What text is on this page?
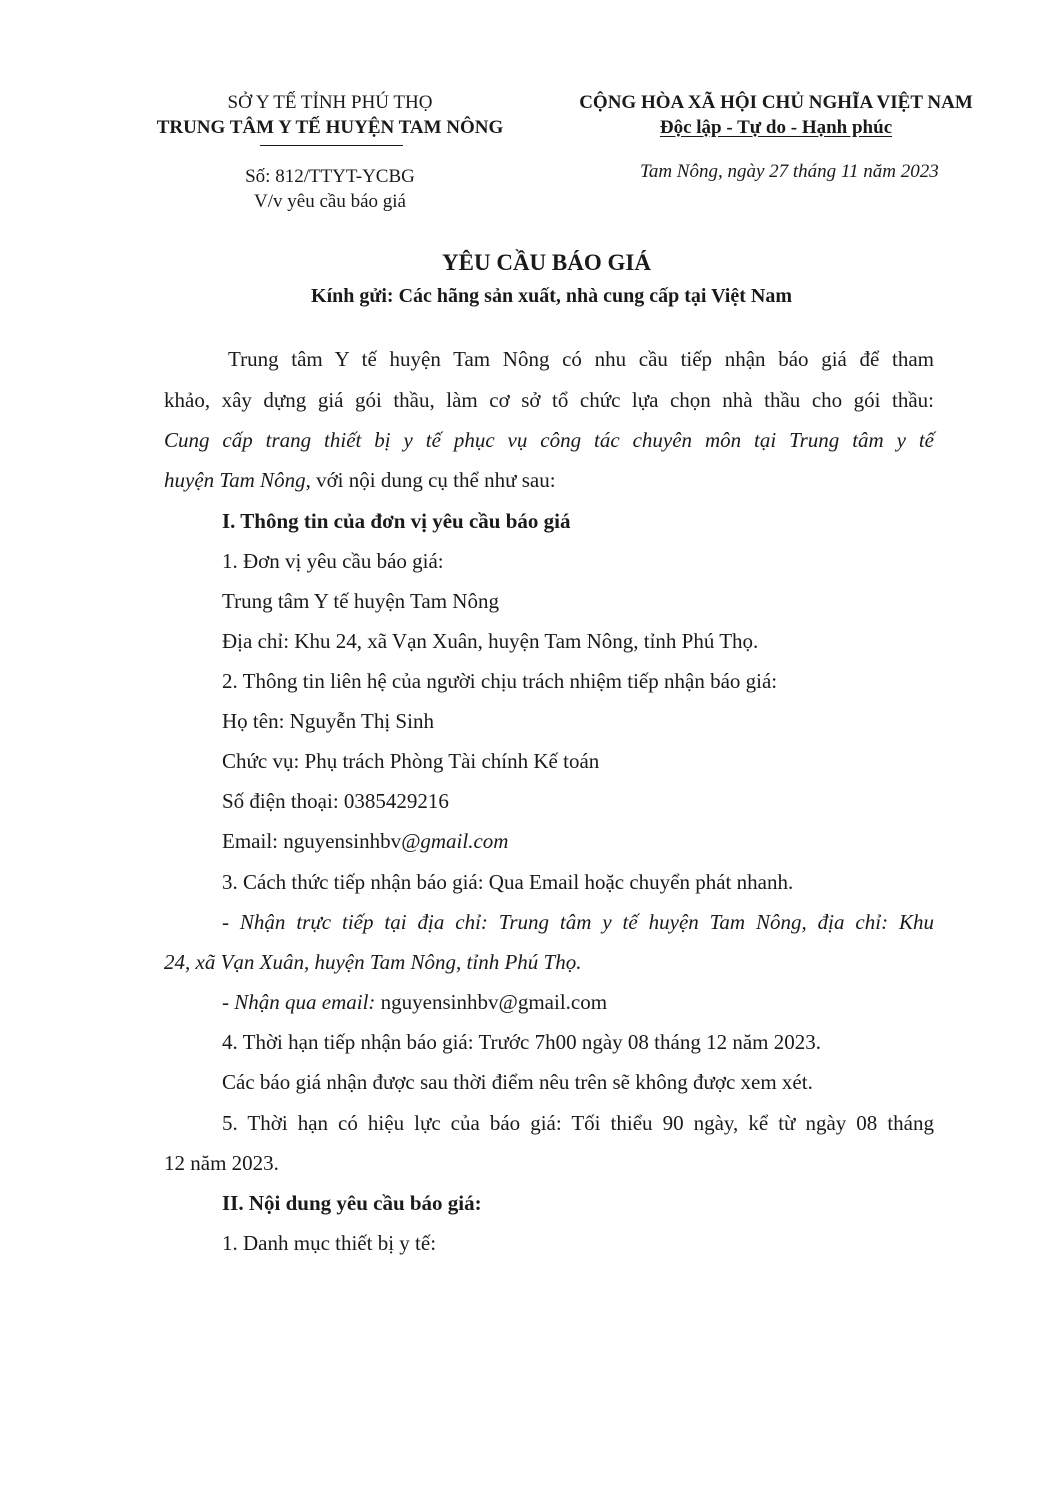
SỞ Y TẾ TỈNH PHÚ THỌ
TRUNG TÂM Y TẾ HUYỆN TAM NÔNG
Số: 812/TTYT-YCBG
V/v yêu cầu báo giá
CỘNG HÒA XÃ HỘI CHỦ NGHĨA VIỆT NAM
Độc lập - Tự do - Hạnh phúc
Tam Nông, ngày 27 tháng 11 năm 2023
YÊU CẦU BÁO GIÁ
Kính gửi: Các hãng sản xuất, nhà cung cấp tại Việt Nam
Trung tâm Y tế huyện Tam Nông có nhu cầu tiếp nhận báo giá để tham
khảo, xây dựng giá gói thầu, làm cơ sở tổ chức lựa chọn nhà thầu cho gói thầu:
Cung cấp trang thiết bị y tế phục vụ công tác chuyên môn tại Trung tâm y tế
huyện Tam Nông, với nội dung cụ thể như sau:
I. Thông tin của đơn vị yêu cầu báo giá
1. Đơn vị yêu cầu báo giá:
Trung tâm Y tế huyện Tam Nông
Địa chỉ: Khu 24, xã Vạn Xuân, huyện Tam Nông, tỉnh Phú Thọ.
2. Thông tin liên hệ của người chịu trách nhiệm tiếp nhận báo giá:
Họ tên: Nguyễn Thị Sinh
Chức vụ: Phụ trách Phòng Tài chính Kế toán
Số điện thoại: 0385429216
Email: nguyensinhbv@gmail.com
3. Cách thức tiếp nhận báo giá: Qua Email hoặc chuyển phát nhanh.
- Nhận trực tiếp tại địa chỉ: Trung tâm y tế huyện Tam Nông, địa chỉ: Khu
24, xã Vạn Xuân, huyện Tam Nông, tỉnh Phú Thọ.
- Nhận qua email: nguyensinhbv@gmail.com
4. Thời hạn tiếp nhận báo giá: Trước 7h00 ngày 08 tháng 12 năm 2023.
Các báo giá nhận được sau thời điểm nêu trên sẽ không được xem xét.
5. Thời hạn có hiệu lực của báo giá: Tối thiểu 90 ngày, kể từ ngày 08 tháng
12 năm 2023.
II. Nội dung yêu cầu báo giá:
1. Danh mục thiết bị y tế:
